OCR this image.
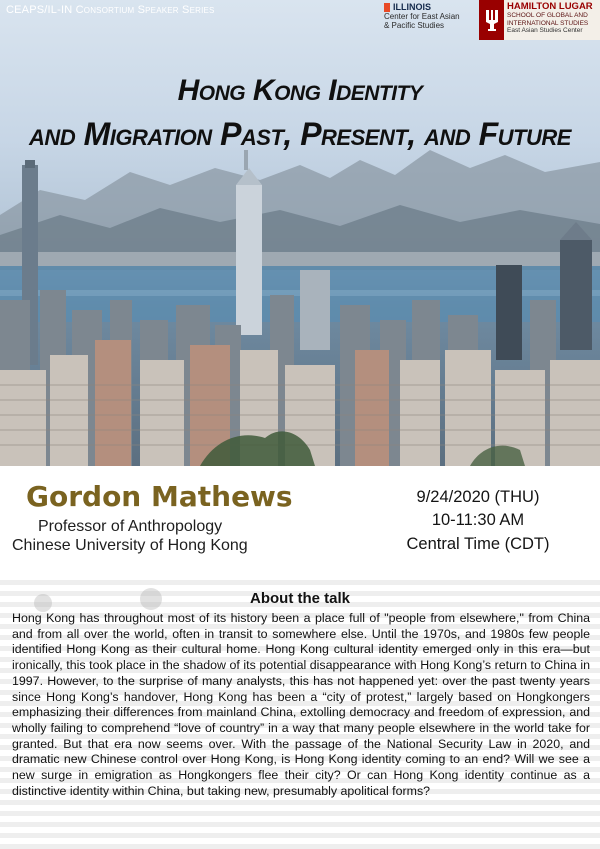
CEAPS/IL-IN Consortium Speaker Series	ILLINOIS
Center for East Asian
& Pacific Studies
HAMILTON LUGAR
SCHOOL OF GLOBAL AND
INTERNATIONAL STUDIES
East Asian Studies Center
Hong Kong Identity
and Migration Past, Present, and Future
Gordon Mathews
Professor of Anthropology
Chinese University of Hong Kong
9/24/2020 (THU)
10-11:30 AM
Central Time (CDT)
About the talk
Hong Kong has throughout most of its history been a place full of "people from elsewhere," from China and from all over the world, often in transit to somewhere else. Until the 1970s, and 1980s few people identified Hong Kong as their cultural home. Hong Kong cultural identity emerged only in this era—but ironically, this took place in the shadow of its potential disappearance with Hong Kong’s return to China in 1997. However, to the surprise of many analysts, this has not happened yet: over the past twenty years since Hong Kong’s handover, Hong Kong has been a “city of protest,” largely based on Hongkongers emphasizing their differences from mainland China, extolling democracy and freedom of expression, and wholly failing to comprehend “love of country” in a way that many people elsewhere in the world take for granted. But that era now seems over. With the passage of the National Security Law in 2020, and dramatic new Chinese control over Hong Kong, is Hong Kong identity coming to an end? Will we see a new surge in emigration as Hongkongers flee their city? Or can Hong Kong identity continue as a distinctive identity within China, but taking new, presumably apolitical forms?
